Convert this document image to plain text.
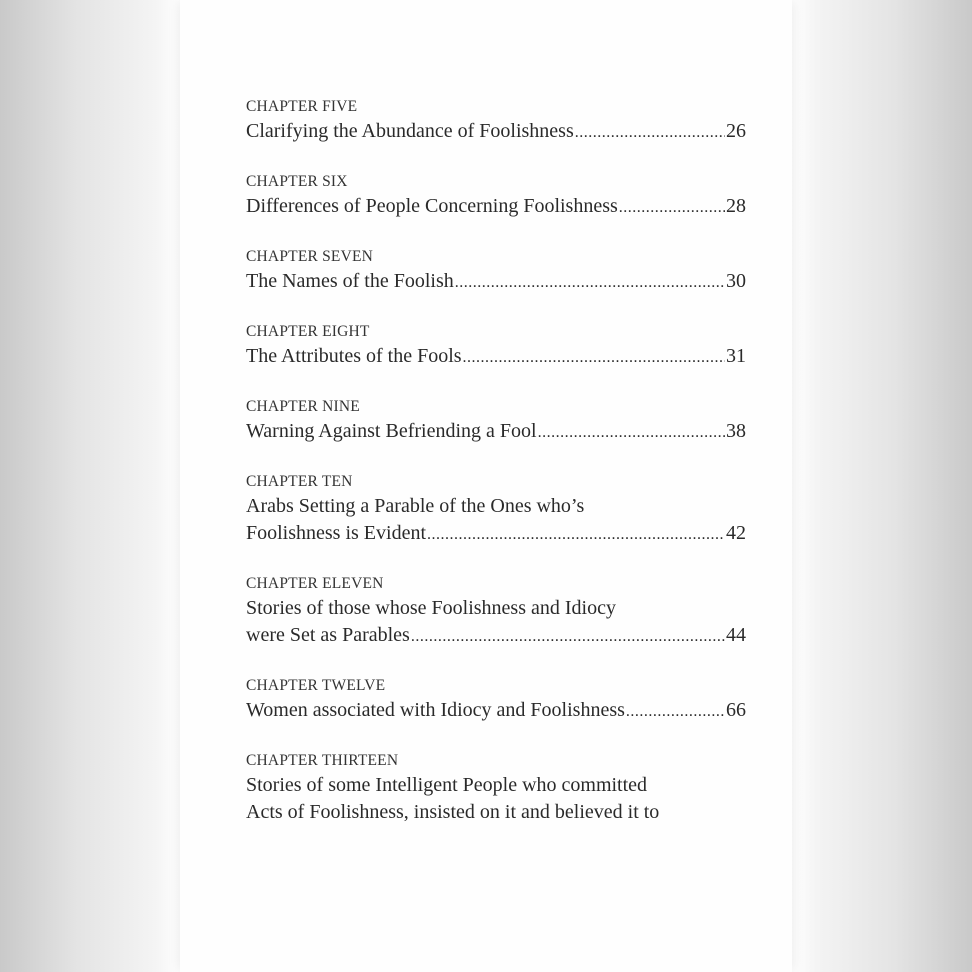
CHAPTER FIVE
Clarifying the Abundance of Foolishness .....	26
CHAPTER SIX
Differences of People Concerning Foolishness .....	28
CHAPTER SEVEN
The Names of the Foolish .....	30
CHAPTER EIGHT
The Attributes of the Fools .....	31
CHAPTER NINE
Warning Against Befriending a Fool .....	38
CHAPTER TEN
Arabs Setting a Parable of the Ones who’s
Foolishness is Evident .....	42
CHAPTER ELEVEN
Stories of those whose Foolishness and Idiocy
were Set as Parables .....	44
CHAPTER TWELVE
Women associated with Idiocy and Foolishness .....	66
CHAPTER THIRTEEN
Stories of some Intelligent People who committed
Acts of Foolishness, insisted on it and believed it to
